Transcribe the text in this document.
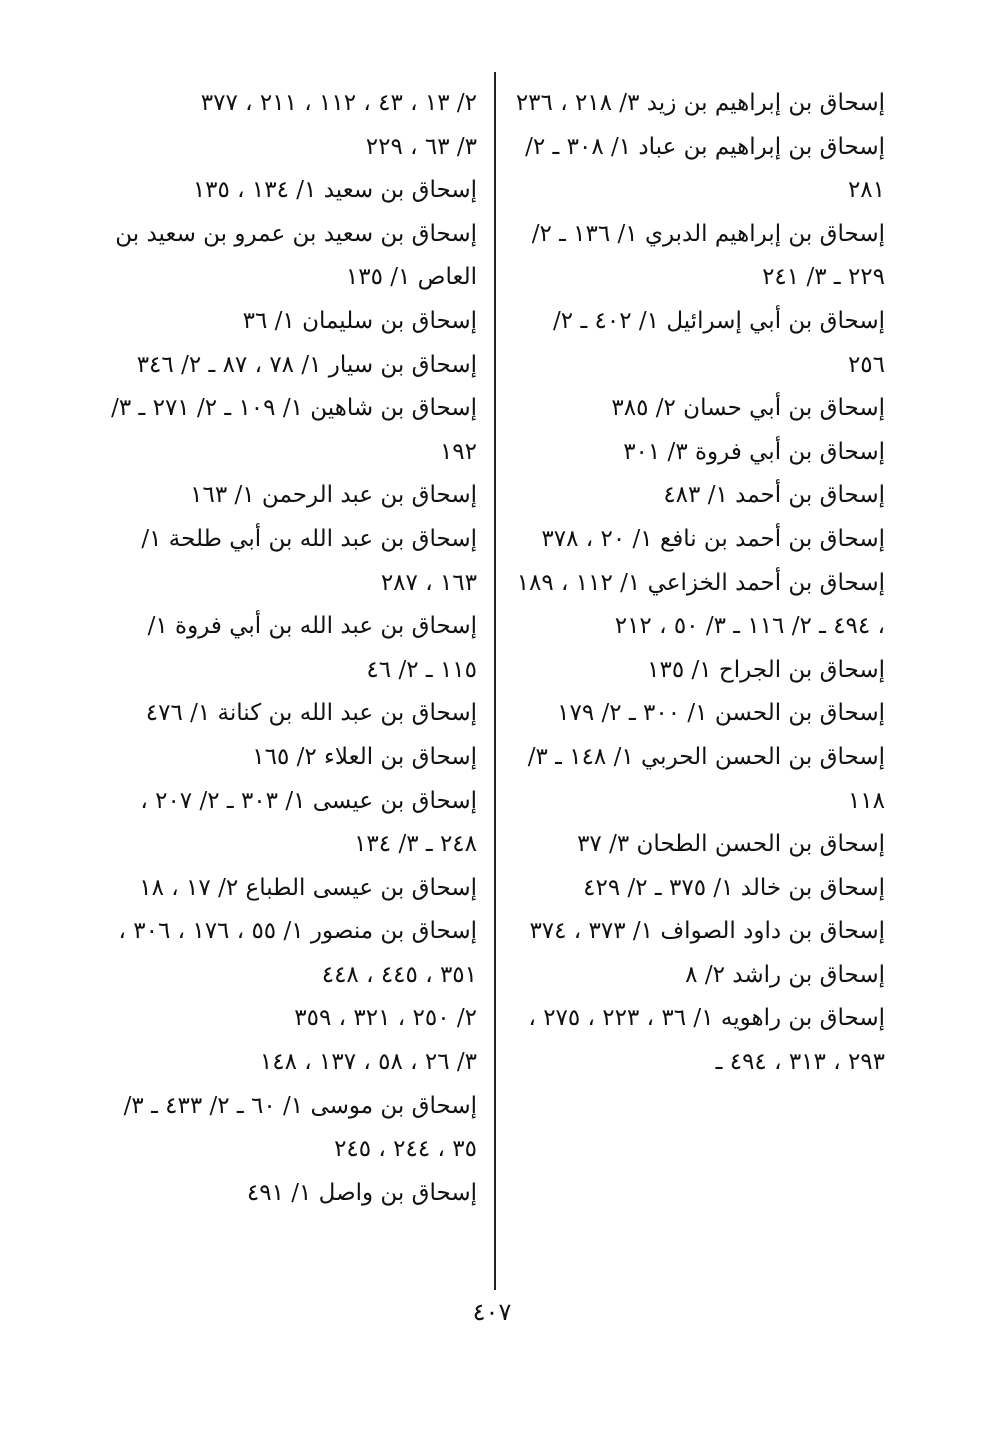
إسحاق بن إبراهيم بن زيد ٣/ ٢١٨ ، ٢٣٦
إسحاق بن إبراهيم بن عباد ١/ ٣٠٨ ـ ٢/ ٢٨١
إسحاق بن إبراهيم الدبري ١/ ١٣٦ ـ ٢/ ٢٢٩ ـ ٣/ ٢٤١
إسحاق بن أبي إسرائيل ١/ ٤٠٢ ـ ٢/ ٢٥٦
إسحاق بن أبي حسان ٢/ ٣٨٥
إسحاق بن أبي فروة ٣/ ٣٠١
إسحاق بن أحمد ١/ ٤٨٣
إسحاق بن أحمد بن نافع ١/ ٢٠ ، ٣٧٨
إسحاق بن أحمد الخزاعي ١/ ١١٢ ، ١٨٩ ، ٤٩٤ ـ ٢/ ١١٦ ـ ٣/ ٥٠ ، ٢١٢
إسحاق بن الجراح ١/ ١٣٥
إسحاق بن الحسن ١/ ٣٠٠ ـ ٢/ ١٧٩
إسحاق بن الحسن الحربي ١/ ١٤٨ ـ ٣/ ١١٨
إسحاق بن الحسن الطحان ٣/ ٣٧
إسحاق بن خالد ١/ ٣٧٥ ـ ٢/ ٤٢٩
إسحاق بن داود الصواف ١/ ٣٧٣ ، ٣٧٤
إسحاق بن راشد ٢/ ٨
إسحاق بن راهويه ١/ ٣٦ ، ٢٢٣ ، ٢٧٥ ، ٢٩٣ ، ٣١٣ ، ٤٩٤ ـ
٢/ ١٣ ، ٤٣ ، ١١٢ ، ٢١١ ، ٣٧٧
٣/ ٦٣ ، ٢٢٩
إسحاق بن سعيد ١/ ١٣٤ ، ١٣٥
إسحاق بن سعيد بن عمرو بن سعيد بن العاص ١/ ١٣٥
إسحاق بن سليمان ١/ ٣٦
إسحاق بن سيار ١/ ٧٨ ، ٨٧ ـ ٢/ ٣٤٦
إسحاق بن شاهين ١/ ١٠٩ ـ ٢/ ٢٧١ ـ ٣/ ١٩٢
إسحاق بن عبد الرحمن ١/ ١٦٣
إسحاق بن عبد الله بن أبي طلحة ١/ ١٦٣ ، ٢٨٧
إسحاق بن عبد الله بن أبي فروة ١/ ١١٥ ـ ٢/ ٤٦
إسحاق بن عبد الله بن كنانة ١/ ٤٧٦
إسحاق بن العلاء ٢/ ١٦٥
إسحاق بن عيسى ١/ ٣٠٣ ـ ٢/ ٢٠٧ ، ٢٤٨ ـ ٣/ ١٣٤
إسحاق بن عيسى الطباع ٢/ ١٧ ، ١٨
إسحاق بن منصور ١/ ٥٥ ، ١٧٦ ، ٣٠٦ ، ٣٥١ ، ٤٤٥ ، ٤٤٨
٢/ ٢٥٠ ، ٣٢١ ، ٣٥٩
٣/ ٢٦ ، ٥٨ ، ١٣٧ ، ١٤٨
إسحاق بن موسى ١/ ٦٠ ـ ٢/ ٤٣٣ ـ ٣/ ٣٥ ، ٢٤٤ ، ٢٤٥
إسحاق بن واصل ١/ ٤٩١
٤٠٧
